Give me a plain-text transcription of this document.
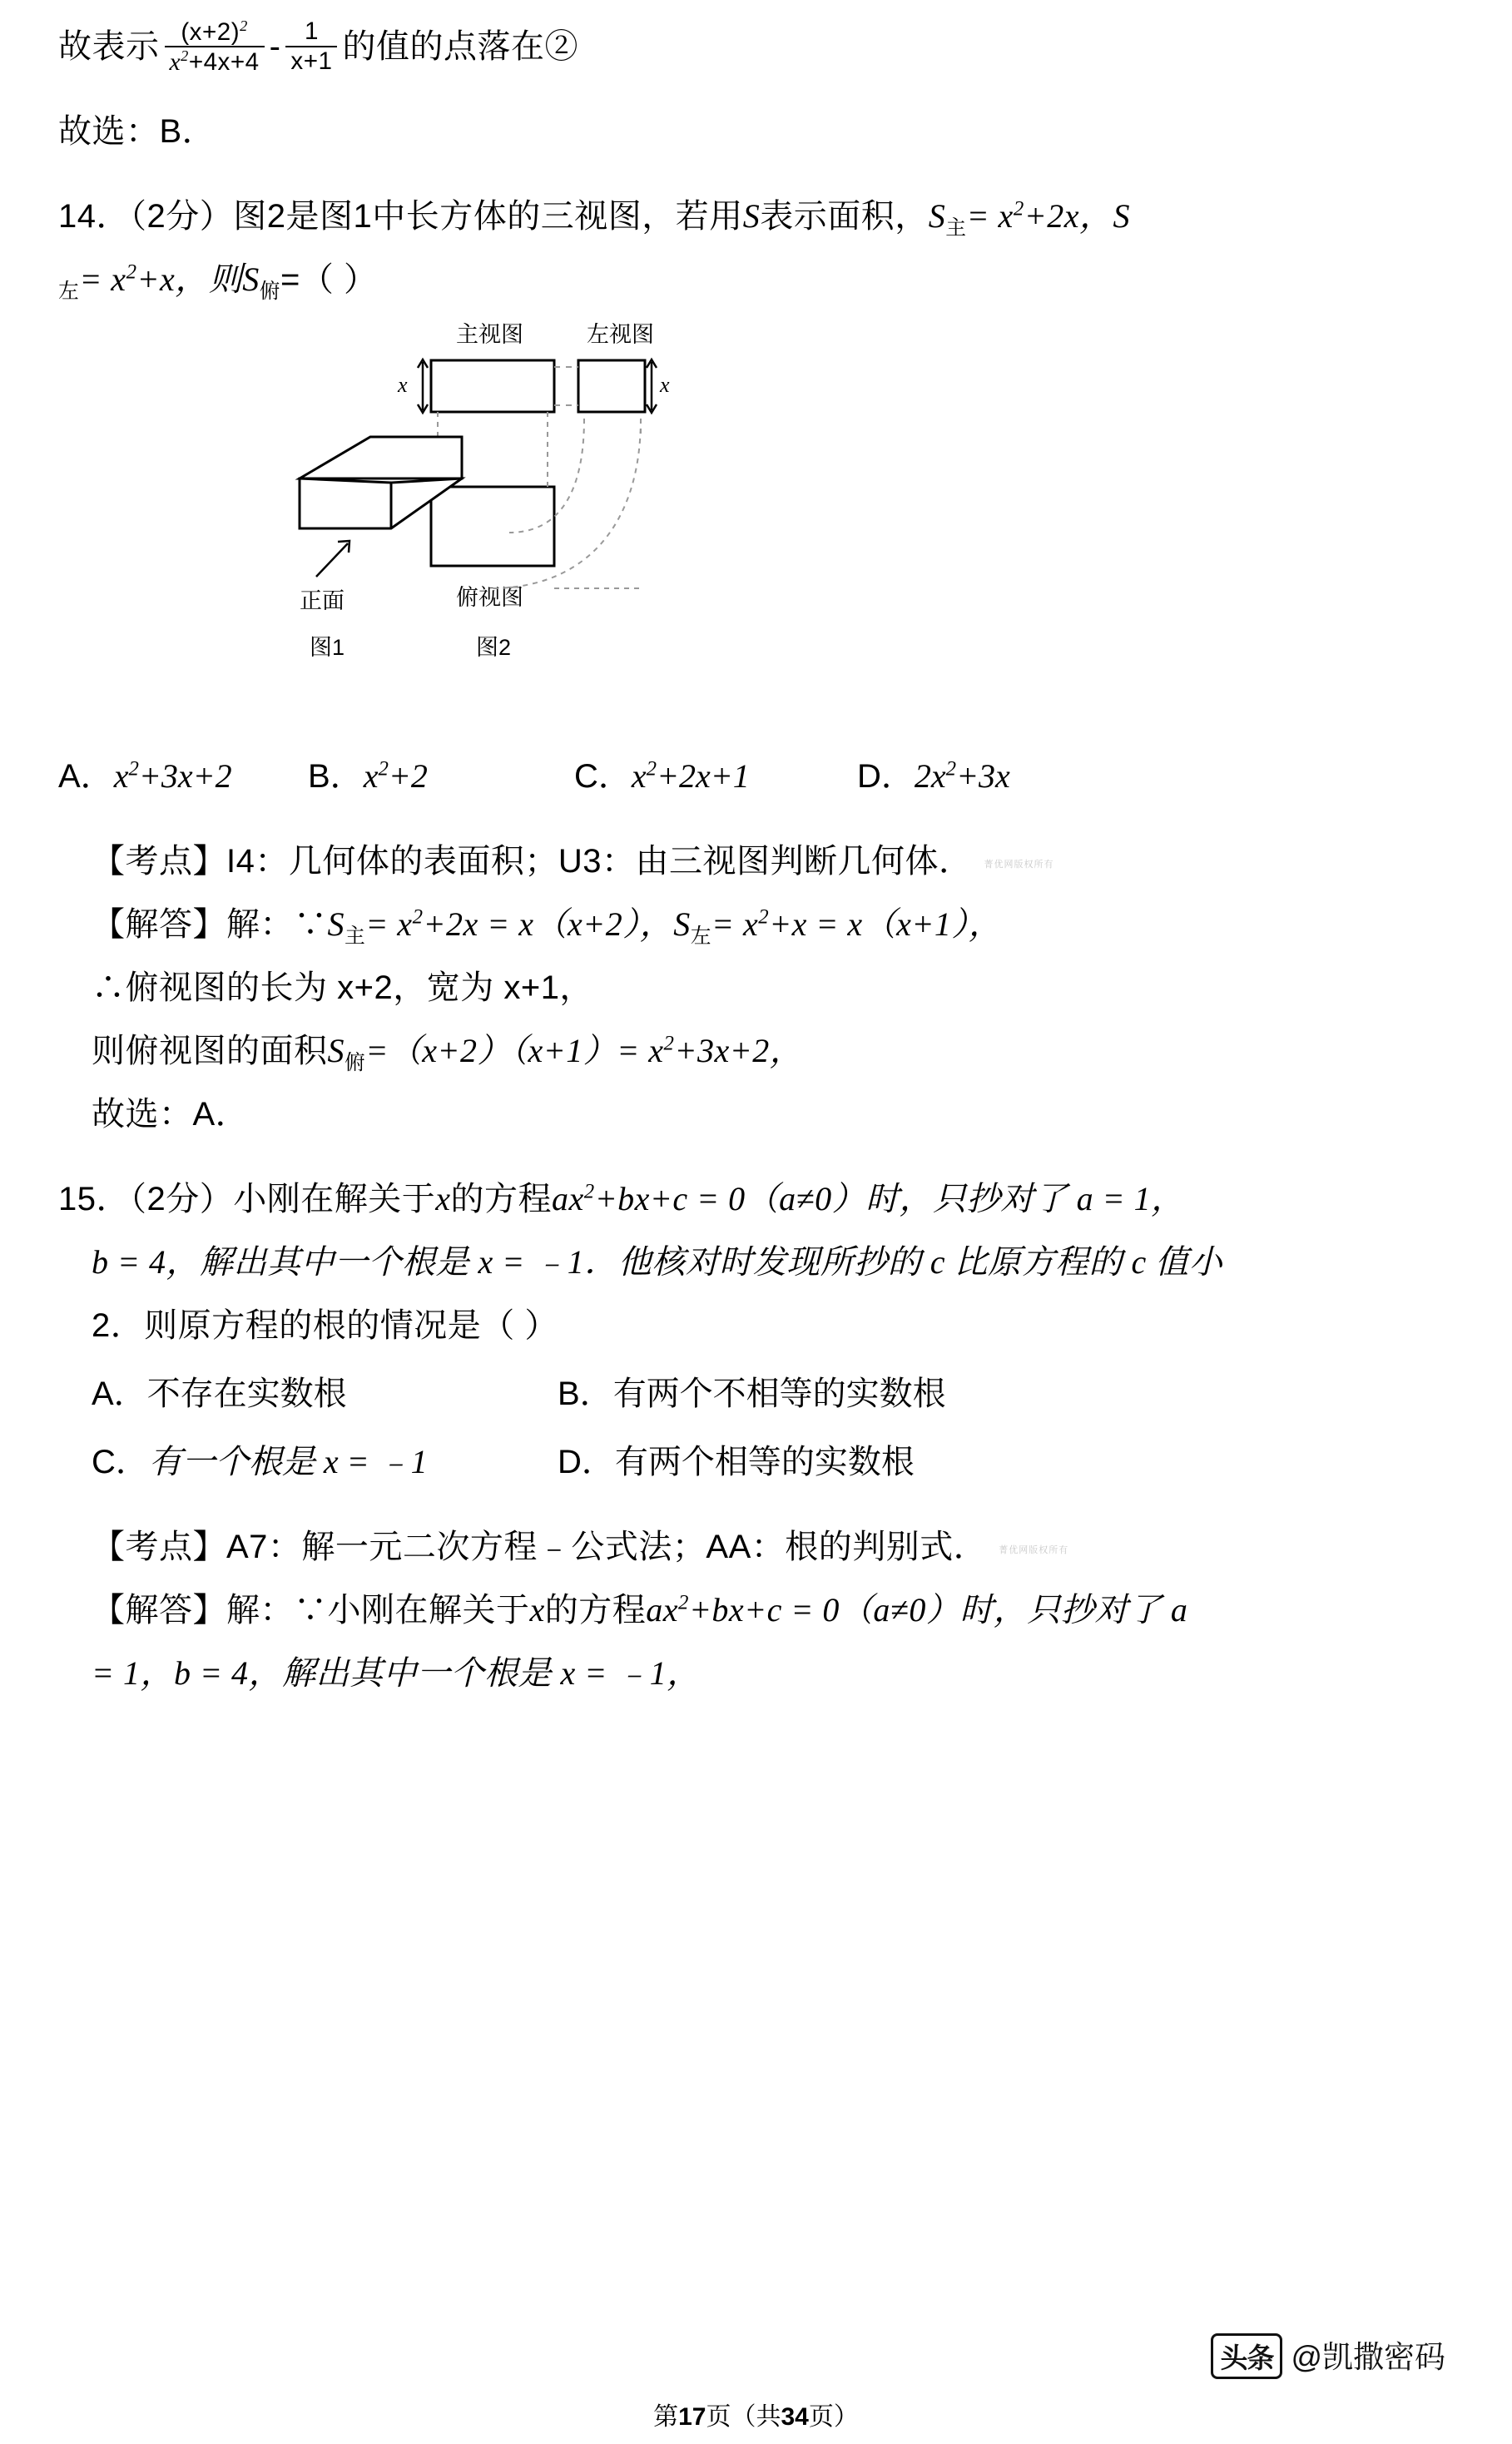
故表示 $\frac{(x+2)^2}{x^2+4x+4} - \frac{1}{x+1}$ 的值的点落在②
故选：B．
14．（2分）图2是图1中长方体的三视图，若用S表示面积，$S_主= x^2+2x$，S
$_左= x^2+x$，则$S_俯=$（ ）
主视图	左视图
x	x
俯视图
正面
图1	图2
A．$x^2+3x+2$	B．$x^2+2$	C．$x^2+2x+1$	D．$2x^2+3x$
【考点】I4：几何体的表面积；U3：由三视图判断几何体． 菁优网版权所有
【解答】解：$\because S_主= x^2+2x = x(x+2)$，$S_左= x^2+x = x(x+1)$，
∴俯视图的长为 x+2，宽为 x+1，
则俯视图的面积$S_俯=(x+2)(x+1)= x^2+3x+2$，
故选：A．
15．（2分）小刚在解关于x的方程$ax^2+bx+c = 0(a\ne 0)$时，只抄对了 a = 1，
b = 4，解出其中一个根是 x = ﹣1．他核对时发现所抄的 c 比原方程的 c 值小
2．则原方程的根的情况是（ ）
A．不存在实数根	B．有两个不相等的实数根
C．有一个根是 x = ﹣1	D．有两个相等的实数根
【考点】A7：解一元二次方程﹣公式法；AA：根的判别式． 菁优网版权所有
【解答】解：∵小刚在解关于x的方程$ax^2+bx+c = 0(a\ne 0)$时，只抄对了 a
= 1，b = 4，解出其中一个根是 x = ﹣1，
头条 @凯撒密码
第17页（共34页）
